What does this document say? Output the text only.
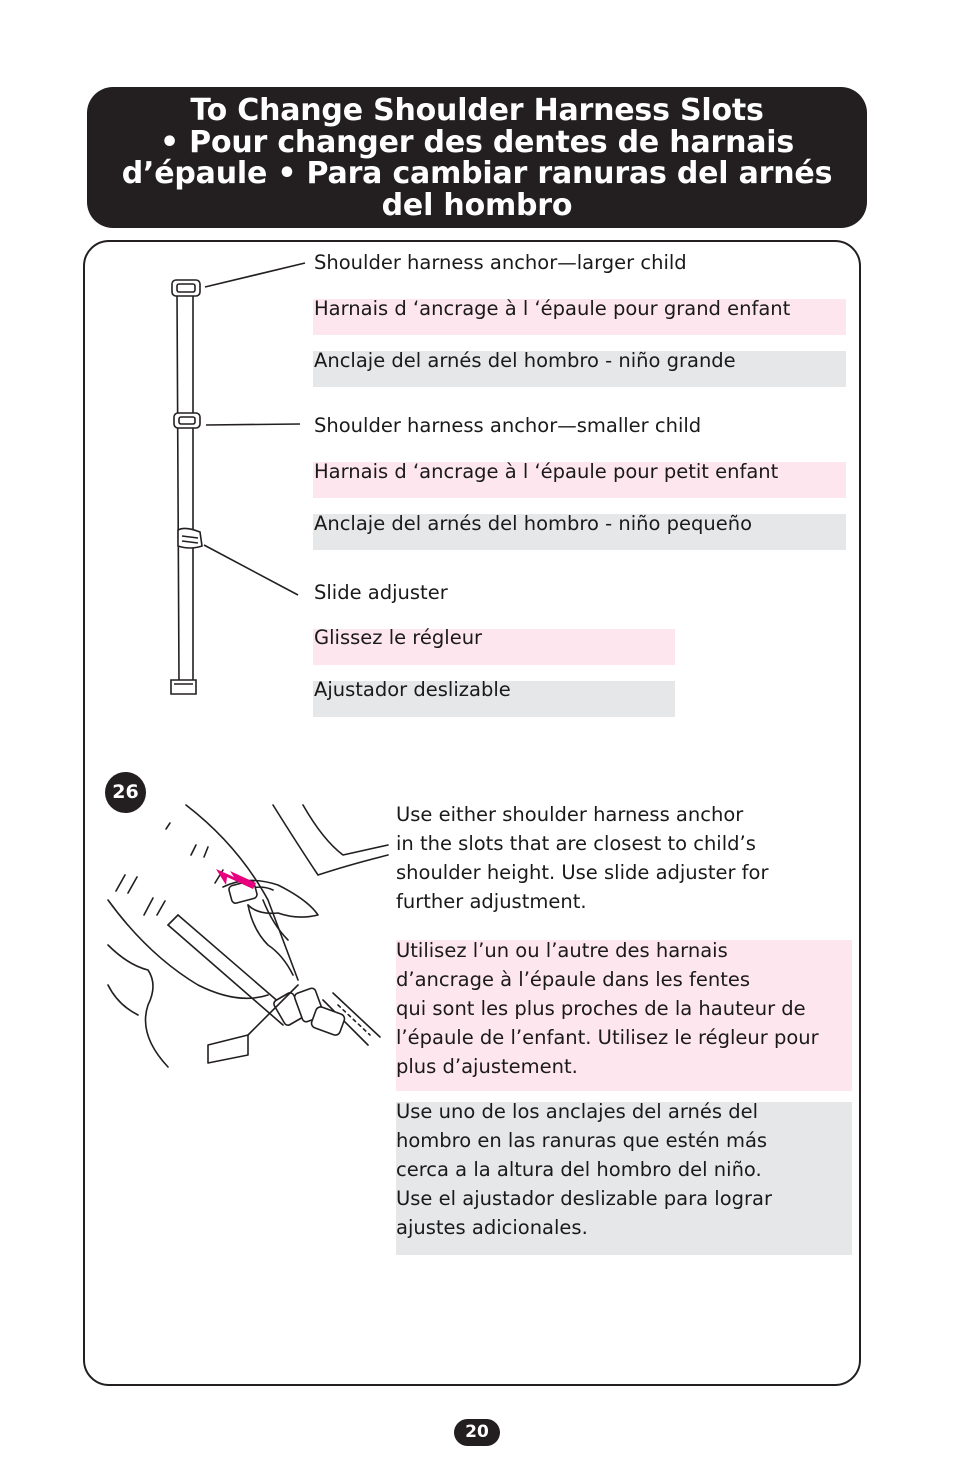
To Change Shoulder Harness Slots
• Pour changer des dentes de harnais
d’épaule • Para cambiar ranuras del arnés
del hombro
Shoulder harness anchor—larger child
Harnais d ‘ancrage à l ‘épaule pour grand enfant
Anclaje del arnés del hombro - niño grande
Shoulder harness anchor—smaller child
Harnais d ‘ancrage à l ‘épaule pour petit enfant
Anclaje del arnés del hombro - niño pequeño
Slide adjuster
Glissez le régleur
Ajustador deslizable
26
Use either shoulder harness anchor
in the slots that are closest to child’s
shoulder height. Use slide adjuster for
further adjustment.
Utilisez l’un ou l’autre des harnais
d’ancrage à l’épaule dans les fentes
qui sont les plus proches de la hauteur de
l’épaule de l’enfant. Utilisez le régleur pour
plus d’ajustement.
Use uno de los anclajes del arnés del
hombro en las ranuras que estén más
cerca a la altura del hombro del niño.
Use el ajustador deslizable para lograr
ajustes adicionales.
20
